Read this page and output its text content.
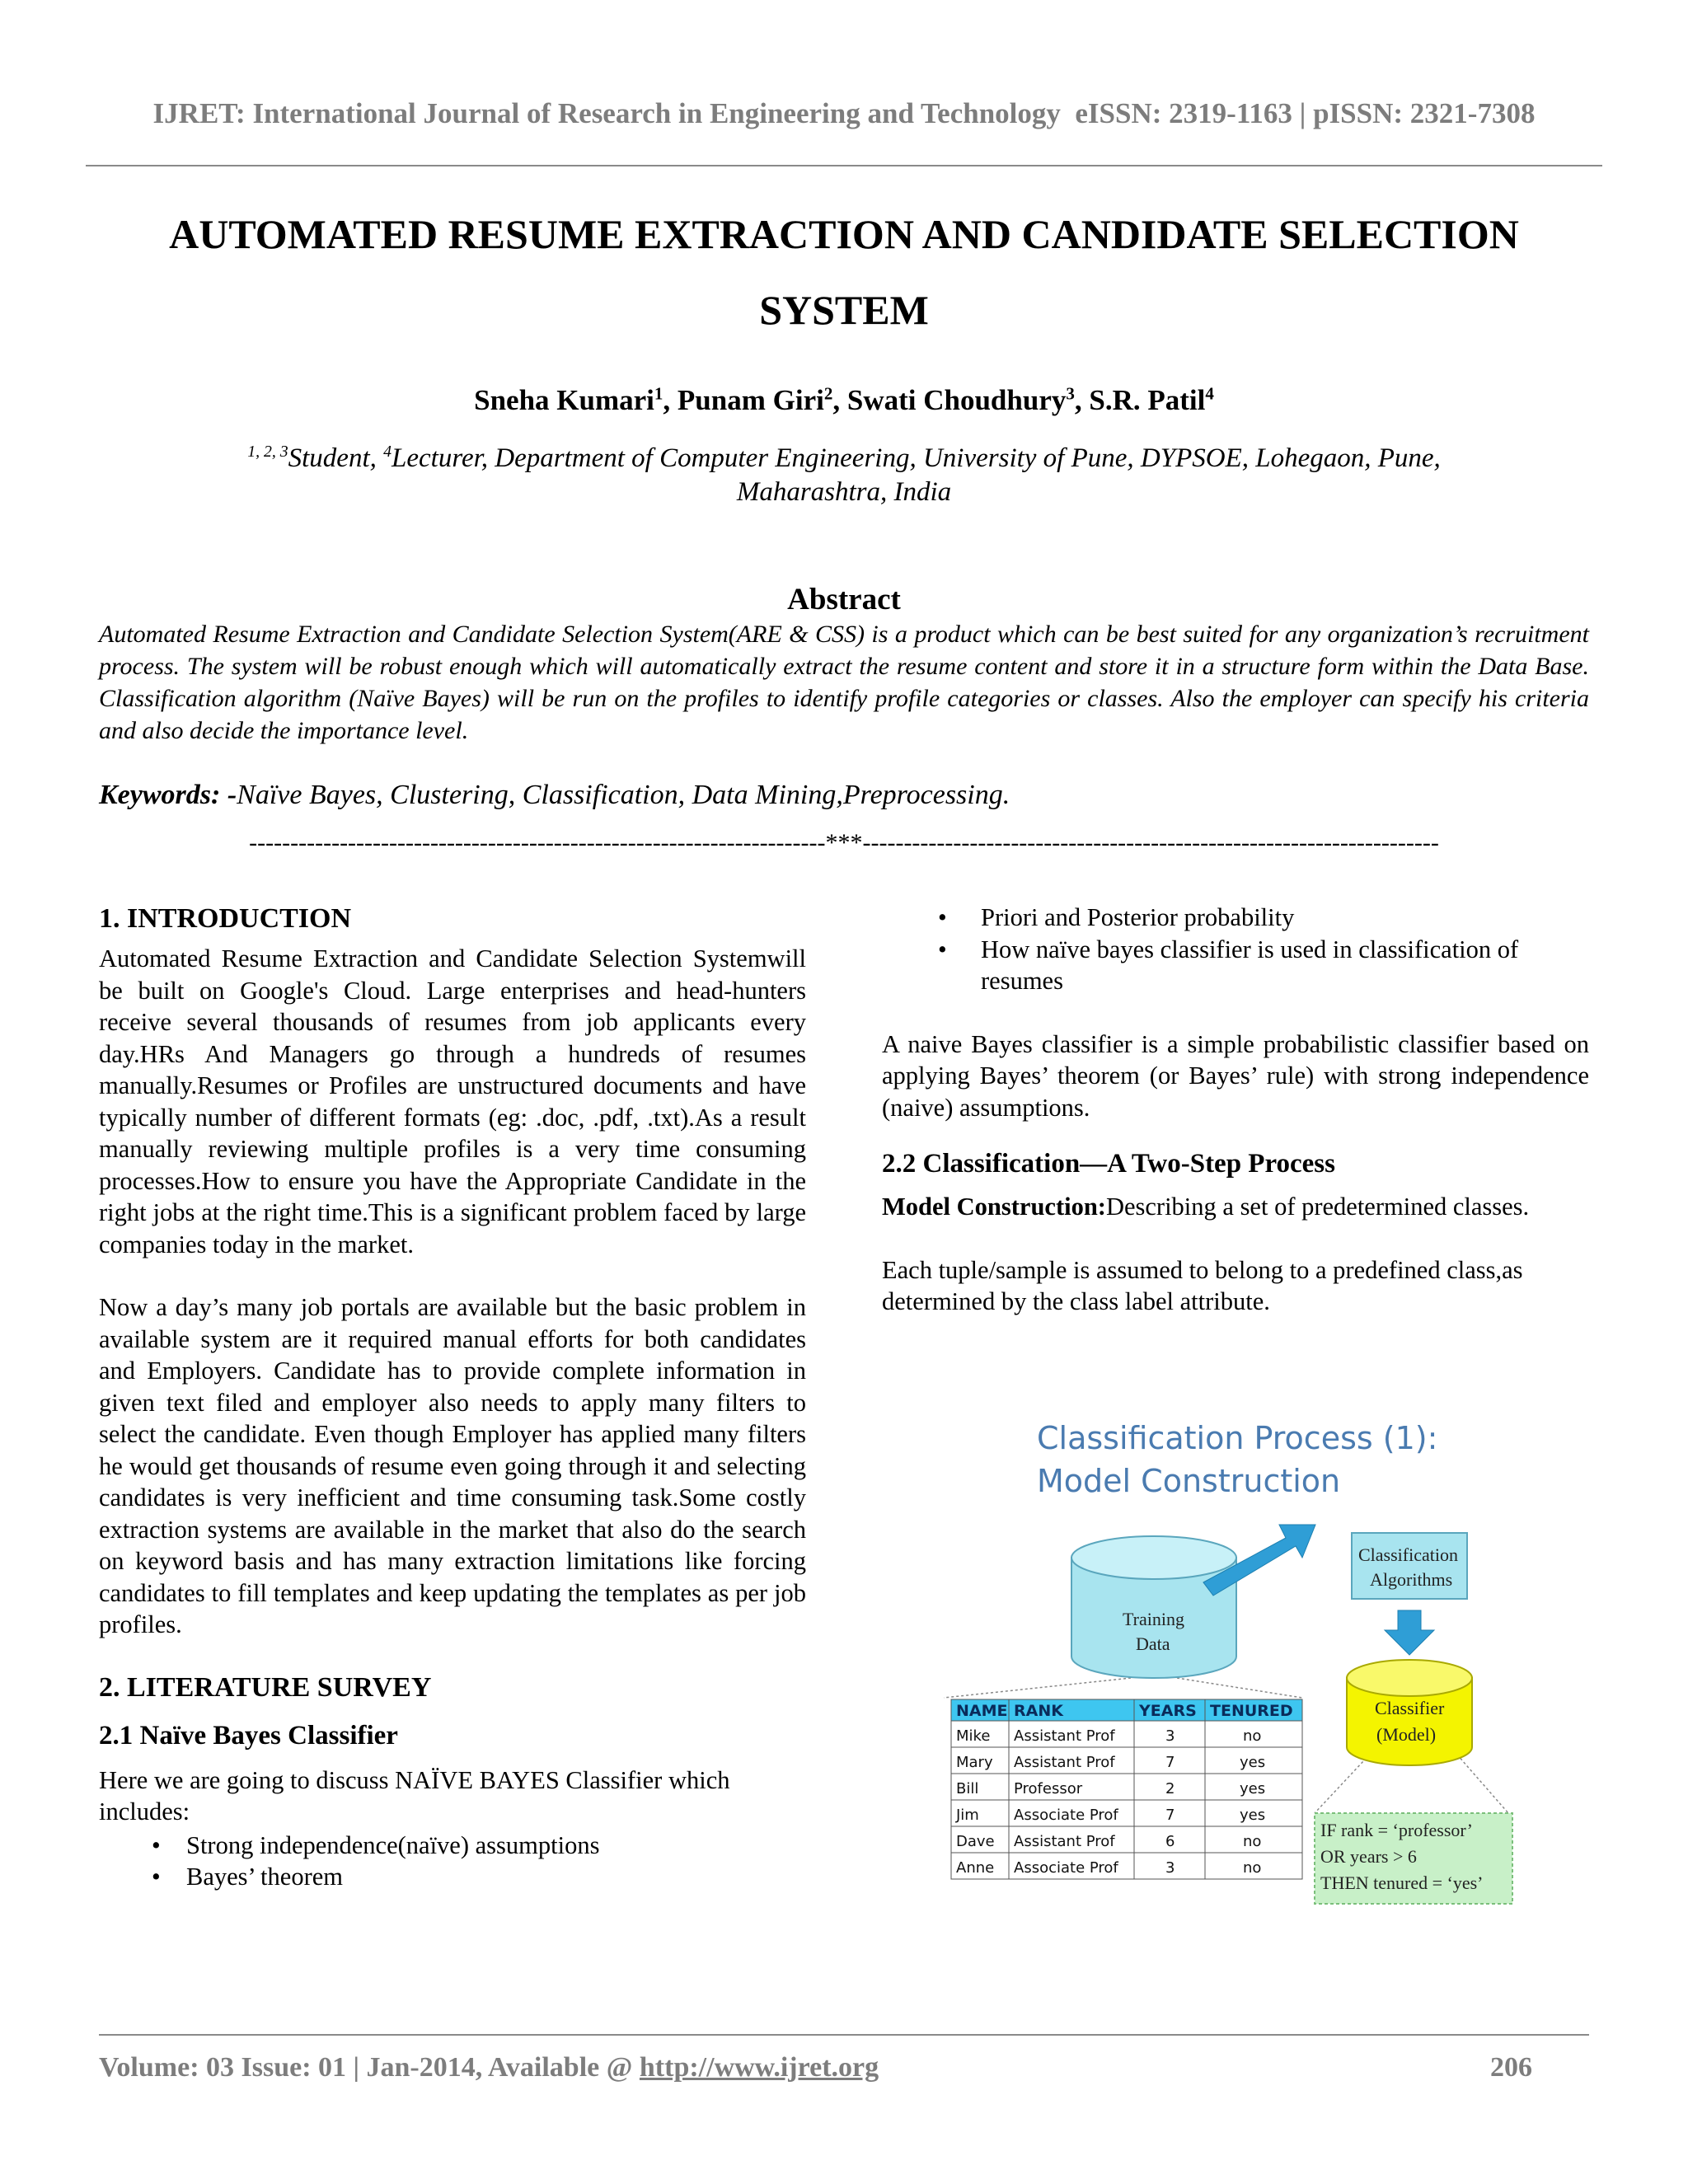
IJRET: International Journal of Research in Engineering and Technology eISSN: 2319-1163 | pISSN: 2321-7308
AUTOMATED RESUME EXTRACTION AND CANDIDATE SELECTION
SYSTEM
Sneha Kumari$^1$, Punam Giri$^2$, Swati Choudhury$^3$, S.R. Patil$^4$
$^{1, 2, 3}$Student, $^4$Lecturer, Department of Computer Engineering, University of Pune, DYPSOE, Lohegaon, Pune,
Maharashtra, India
Abstract
Automated Resume Extraction and Candidate Selection System(ARE & CSS) is a product which can be best suited for any organization’s recruitment process. The system will be robust enough which will automatically extract the resume content and store it in a structure form within the Data Base. Classification algorithm (Naïve Bayes) will be run on the profiles to identify profile categories or classes. Also the employer can specify his criteria and also decide the importance level.
Keywords: -Naïve Bayes, Clustering, Classification, Data Mining,Preprocessing.
----------------------------------------------------------------------***----------------------------------------------------------------------

1. INTRODUCTION

Automated Resume Extraction and Candidate Selection Systemwill be built on Google's Cloud. Large enterprises and head-hunters receive several thousands of resumes from job applicants every day.HRs And Managers go through a hundreds of resumes manually.Resumes or Profiles are unstructured documents and have typically number of different formats (eg: .doc, .pdf, .txt).As a result manually reviewing multiple profiles is a very time consuming processes.How to ensure you have the Appropriate Candidate in the right jobs at the right time.This is a significant problem faced by large companies today in the market.

Now a day’s many job portals are available but the basic problem in available system are it required manual efforts for both candidates and Employers. Candidate has to provide complete information in given text filed and employer also needs to apply many filters to select the candidate. Even though Employer has applied many filters he would get thousands of resume even going through it and selecting candidates is very inefficient and time consuming task.Some costly extraction systems are available in the market that also do the search on keyword basis and has many extraction limitations like forcing candidates to fill templates and keep updating the templates as per job profiles.

2. LITERATURE SURVEY

2.1 Naïve Bayes Classifier

Here we are going to discuss NAÏVE BAYES Classifier which includes:

• Strong independence(naïve) assumptions
• Bayes’ theorem
• Priori and Posterior probability
• How naïve bayes classifier is used in classification of resumes

A naive Bayes classifier is a simple probabilistic classifier based on applying Bayes’ theorem (or Bayes’ rule) with strong independence (naive) assumptions.

2.2 Classification—A Two-Step Process

Model Construction:Describing a set of predetermined classes.

Each tuple/sample is assumed to belong to a predefined class,as determined by the class label attribute.

Classification Process (1):
Model Construction
Training
Data
Classification
Algorithms
Classifier
(Model)
IF rank = ‘professor’
OR years > 6
THEN tenured = ‘yes’
NAME RANK	YEARS TENURED
Mike Assistant Prof	3	no
Mary Assistant Prof	7	yes
Bill Professor	2	yes
Jim Associate Prof	7	yes
Dave Assistant Prof	6	no
Anne Associate Prof	3	no
Volume: 03 Issue: 01 | Jan-2014, Available @ http://www.ijret.org	206
